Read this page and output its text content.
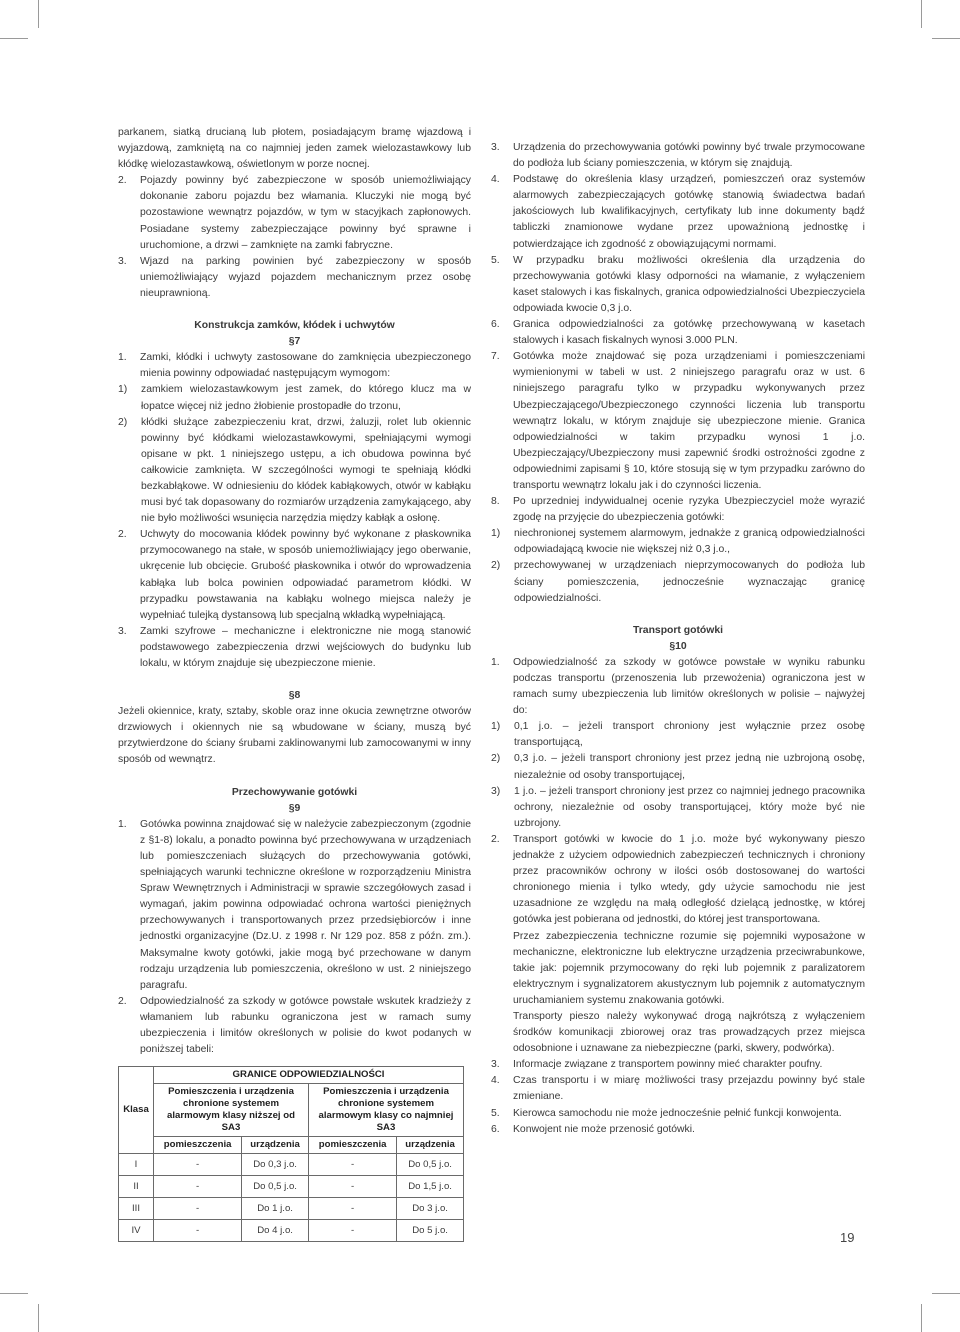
parkanem, siatką drucianą lub płotem, posiadającym bramę wjazdową i wyjazdową, zamkniętą na co najmniej jeden zamek wielozastawkowy lub kłódkę wielozastawkową, oświetlonym w porze nocnej.

2.	Pojazdy powinny być zabezpieczone w sposób uniemożliwiający dokonanie zaboru pojazdu bez włamania. Kluczyki nie mogą być pozostawione wewnątrz pojazdów, w tym w stacyjkach zapłonowych. Posiadane systemy zabezpieczające powinny być sprawne i uruchomione, a drzwi – zamknięte na zamki fabryczne.
3.	Wjazd na parking powinien być zabezpieczony w sposób uniemożliwiający wyjazd pojazdem mechanicznym przez osobę nieuprawnioną.

Konstrukcja zamków, kłódek i uchwytów

§7

1.	Zamki, kłódki i uchwyty zastosowane do zamknięcia ubezpieczonego mienia powinny odpowiadać następującym wymogom:
1)	zamkiem wielozastawkowym jest zamek, do którego klucz ma w łopatce więcej niż jedno żłobienie prostopadłe do trzonu,
2)	kłódki służące zabezpieczeniu krat, drzwi, żaluzji, rolet lub okiennic powinny być kłódkami wielozastawkowymi, spełniającymi wymogi opisane w pkt. 1 niniejszego ustępu, a ich obudowa powinna być całkowicie zamknięta. W szczególności wymogi te spełniają kłódki bezkabłąkowe. W odniesieniu do kłódek kabłąkowych, otwór w kabłąku musi być tak dopasowany do rozmiarów urządzenia zamykającego, aby nie było możliwości wsunięcia narzędzia między kabłąk a osłonę.
2.	Uchwyty do mocowania kłódek powinny być wykonane z płaskownika przymocowanego na stałe, w sposób uniemożliwiający jego oberwanie, ukręcenie lub obcięcie. Grubość płaskownika i otwór do wprowadzenia kabłąka lub bolca powinien odpowiadać parametrom kłódki. W przypadku powstawania na kabłąku wolnego miejsca należy je wypełniać tulejką dystansową lub specjalną wkładką wypełniającą.
3.	Zamki szyfrowe – mechaniczne i elektroniczne nie mogą stanowić podstawowego zabezpieczenia drzwi wejściowych do budynku lub lokalu, w którym znajduje się ubezpieczone mienie.

§8

Jeżeli okiennice, kraty, sztaby, skoble oraz inne okucia zewnętrzne otworów drzwiowych i okiennych nie są wbudowane w ściany, muszą być przytwierdzone do ściany śrubami zaklinowanymi lub zamocowanymi w inny sposób od wewnątrz.

Przechowywanie gotówki

§9

1.	Gotówka powinna znajdować się w należycie zabezpieczonym (zgodnie z §1-8) lokalu, a ponadto powinna być przechowywana w urządzeniach lub pomieszczeniach służących do przechowywania gotówki, spełniających warunki techniczne określone w rozporządzeniu Ministra Spraw Wewnętrznych i Administracji w sprawie szczegółowych zasad i wymagań, jakim powinna odpowiadać ochrona wartości pieniężnych przechowywanych i transportowanych przez przedsiębiorców i inne jednostki organizacyjne (Dz.U. z 1998 r. Nr 129 poz. 858 z późn. zm.). Maksymalne kwoty gotówki, jakie mogą być przechowane w danym rodzaju urządzenia lub pomieszczenia, określono w ust. 2 niniejszego paragrafu.
2.	Odpowiedzialność za szkody w gotówce powstałe wskutek kradzieży z włamaniem lub rabunku ograniczona jest w ramach sumy ubezpieczenia i limitów określonych w polisie do kwot podanych w poniższej tabeli:
Klasa	GRANICE ODPOWIEDZIALNOŚCI			
	Pomieszczenia i urządzenia chronione systemem alarmowym klasy niższej od SA3		Pomieszczenia i urządzenia chronione systemem alarmowym klasy co najmniej SA3	
	pomieszczenia	urządzenia	pomieszczenia	urządzenia
I	-	Do 0,3 j.o.	-	Do 0,5 j.o.
II	-	Do 0,5 j.o.	-	Do 1,5 j.o.
III	-	Do 1 j.o.	-	Do 3 j.o.
IV	-	Do 4 j.o.	-	Do 5 j.o.
3.	Urządzenia do przechowywania gotówki powinny być trwale przymocowane do podłoża lub ściany pomieszczenia, w którym się znajdują.
4.	Podstawę do określenia klasy urządzeń, pomieszczeń oraz systemów alarmowych zabezpieczających gotówkę stanowią świadectwa badań jakościowych lub kwalifikacyjnych, certyfikaty lub inne dokumenty bądź tabliczki znamionowe wydane przez upoważnioną jednostkę i potwierdzające ich zgodność z obowiązującymi normami.
5.	W przypadku braku możliwości określenia dla urządzenia do przechowywania gotówki klasy odporności na włamanie, z wyłączeniem kaset stalowych i kas fiskalnych, granica odpowiedzialności Ubezpieczyciela odpowiada kwocie 0,3 j.o.
6.	Granica odpowiedzialności za gotówkę przechowywaną w kasetach stalowych i kasach fiskalnych wynosi 3.000 PLN.
7.	Gotówka może znajdować się poza urządzeniami i pomieszczeniami wymienionymi w tabeli w ust. 2 niniejszego paragrafu oraz w ust. 6 niniejszego paragrafu tylko w przypadku wykonywanych przez Ubezpieczającego/Ubezpieczonego czynności liczenia lub transportu wewnątrz lokalu, w którym znajduje się ubezpieczone mienie. Granica odpowiedzialności w takim przypadku wynosi 1 j.o. Ubezpieczający/Ubezpieczony musi zapewnić środki ostrożności zgodne z odpowiednimi zapisami § 10, które stosują się w tym przypadku zarówno do transportu wewnątrz lokalu jak i do czynności liczenia.
8.	Po uprzedniej indywidualnej ocenie ryzyka Ubezpieczyciel może wyrazić zgodę na przyjęcie do ubezpieczenia gotówki:
1)	niechronionej systemem alarmowym, jednakże z granicą odpowiedzialności odpowiadającą kwocie nie większej niż 0,3 j.o.,
2)	przechowywanej w urządzeniach nieprzymocowanych do podłoża lub ściany pomieszczenia, jednocześnie wyznaczając granicę odpowiedzialności.

Transport gotówki

§10

1.	Odpowiedzialność za szkody w gotówce powstałe w wyniku rabunku podczas transportu (przenoszenia lub przewożenia) ograniczona jest w ramach sumy ubezpieczenia lub limitów określonych w polisie – najwyżej do:
1)	0,1 j.o. – jeżeli transport chroniony jest wyłącznie przez osobę transportującą,
2)	0,3 j.o. – jeżeli transport chroniony jest przez jedną nie uzbrojoną osobę, niezależnie od osoby transportującej,
3)	1 j.o. – jeżeli transport chroniony jest przez co najmniej jednego pracownika ochrony, niezależnie od osoby transportującej, który może być nie uzbrojony.
2.	Transport gotówki w kwocie do 1 j.o. może być wykonywany pieszo jednakże z użyciem odpowiednich zabezpieczeń technicznych i chroniony przez pracowników ochrony w ilości osób dostosowanej do wartości chronionego mienia i tylko wtedy, gdy użycie samochodu nie jest uzasadnione ze względu na małą odległość dzielącą jednostkę, w której gotówka jest pobierana od jednostki, do której jest transportowana.

Przez zabezpieczenia techniczne rozumie się pojemniki wyposażone w mechaniczne, elektroniczne lub elektryczne urządzenia przeciwrabunkowe, takie jak: pojemnik przymocowany do ręki lub pojemnik z paralizatorem elektrycznym i sygnalizatorem akustycznym lub pojemnik z automatycznym uruchamianiem systemu znakowania gotówki.

Transporty pieszo należy wykonywać drogą najkrótszą z wyłączeniem środków komunikacji zbiorowej oraz tras prowadzących przez miejsca odosobnione i uznawane za niebezpieczne (parki, skwery, podwórka).

3.	Informacje związane z transportem powinny mieć charakter poufny.
4.	Czas transportu i w miarę możliwości trasy przejazdu powinny być stale zmieniane.
5.	Kierowca samochodu nie może jednocześnie pełnić funkcji konwojenta.
6.	Konwojent nie może przenosić gotówki.
19
